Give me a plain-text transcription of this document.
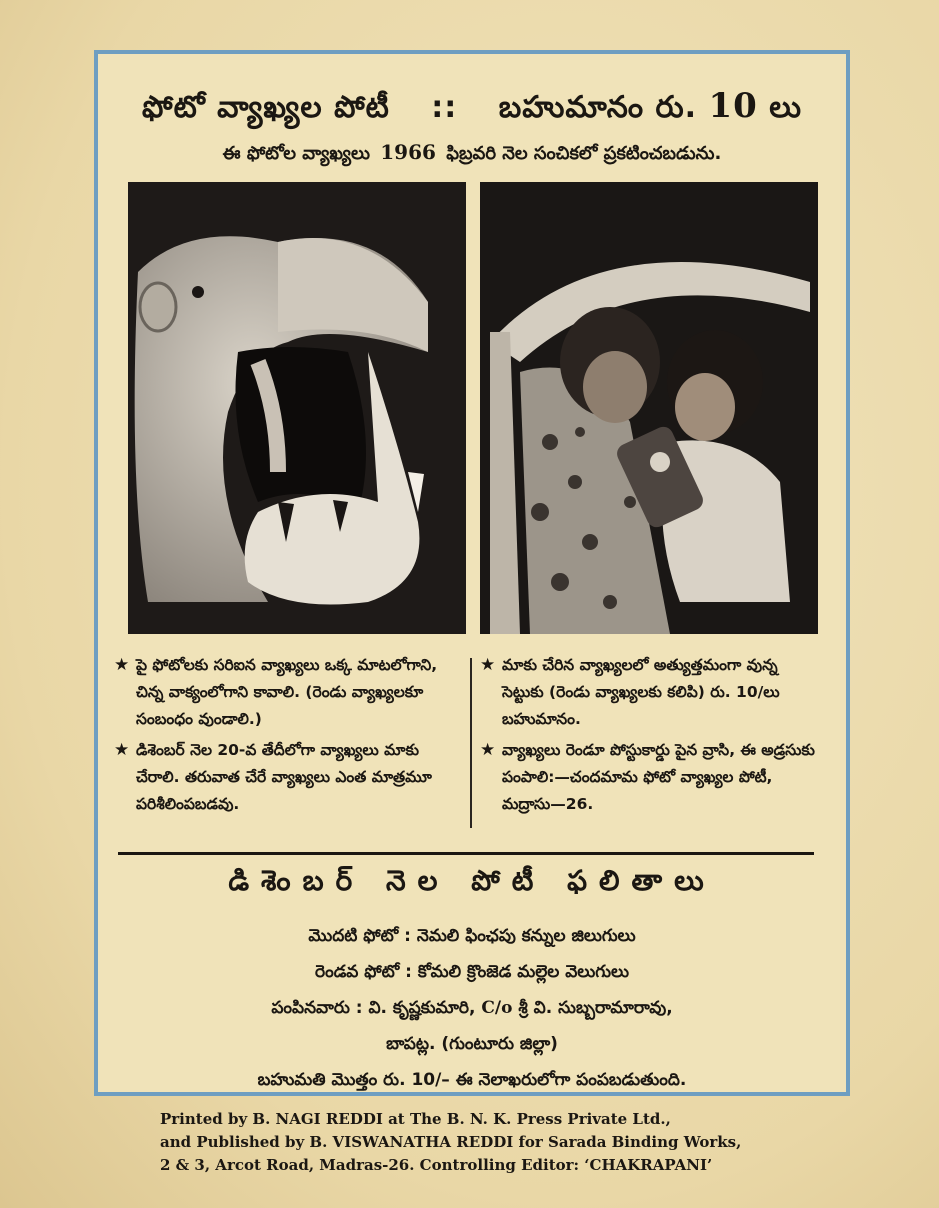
ఫోటో వ్యాఖ్యల పోటీ :: బహుమానం రు. 10 లు
ఈ ఫోటోల వ్యాఖ్యలు 1966 ఫిబ్రవరి నెల సంచికలో ప్రకటించబడును.
★ పై ఫోటోలకు సరిఐన వ్యాఖ్యలు ఒక్క మాటలోగాని, చిన్న వాక్యంలోగాని కావాలి. (రెండు వ్యాఖ్యలకూ సంబంధం వుండాలి.)
★ డిశెంబర్ నెల 20-వ తేదీలోగా వ్యాఖ్యలు మాకు చేరాలి. తరువాత చేరే వ్యాఖ్యలు ఎంత మాత్రమూ పరిశీలింపబడవు.
★ మాకు చేరిన వ్యాఖ్యలలో అత్యుత్తమంగా వున్న సెట్టుకు (రెండు వ్యాఖ్యలకు కలిపి) రు. 10/లు బహుమానం.
★ వ్యాఖ్యలు రెండూ పోస్టుకార్డు పైన వ్రాసి, ఈ అడ్రసుకు పంపాలి:—చందమామ ఫోటో వ్యాఖ్యల పోటీ, మద్రాసు—26.
డిశెంబర్ నెల పోటీ ఫలితాలు
మొదటి ఫోటో : నెమలి ఫింఛపు కన్నుల జిలుగులు
రెండవ ఫోటో : కోమలి క్రొంజెడ మల్లెల వెలుగులు
పంపినవారు : వి. కృష్ణకుమారి, C/o శ్రీ వి. సుబ్బరామారావు,
బాపట్ల. (గుంటూరు జిల్లా)
బహుమతి మొత్తం రు. 10/– ఈ నెలాఖరులోగా పంపబడుతుంది.
Printed by B. NAGI REDDI at The B. N. K. Press Private Ltd.,
and Published by B. VISWANATHA REDDI for Sarada Binding Works,
2 & 3, Arcot Road, Madras-26. Controlling Editor: ‘CHAKRAPANI’
